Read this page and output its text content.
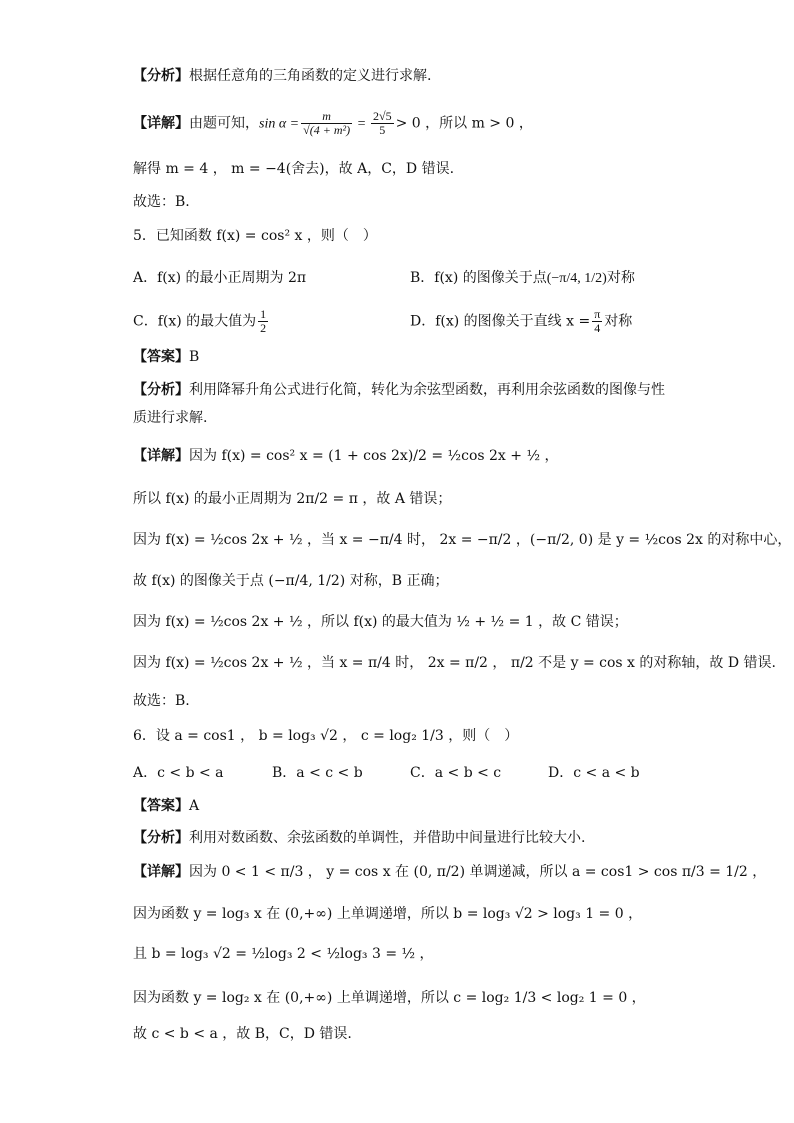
【分析】根据任意角的三角函数的定义进行求解.
【详解】由题可知，$\sin \alpha = \frac{m}{\text{√(4 + m²)}} = \frac{2√5}{5} > 0$ ，所以 m > 0 ，
解得 m = 4 ， m = −4(舍去)，故 A，C，D 错误.
故选：B.
5．已知函数 f(x) = cos² x ，则（　）
A．f(x) 的最小正周期为 2π	B．f(x) 的图像关于点(−π/4, 1/2)对称
C．f(x) 的最大值为 $\frac{1}{2}$	D．f(x) 的图像关于直线 $x = \frac{\pi}{4}$ 对称
【答案】B
【分析】利用降幂升角公式进行化简，转化为余弦型函数，再利用余弦函数的图像与性
质进行求解.
【详解】因为 f(x) = cos² x = (1 + cos 2x)/2 = ½cos 2x + ½ ，
所以 f(x) 的最小正周期为 2π/2 = π ，故 A 错误；
因为 f(x) = ½cos 2x + ½ ，当 x = −π/4 时， 2x = −π/2 ，(−π/2, 0) 是 y = ½cos 2x 的对称中心，
故 f(x) 的图像关于点 (−π/4, 1/2) 对称，B 正确；
因为 f(x) = ½cos 2x + ½ ，所以 f(x) 的最大值为 ½ + ½ = 1 ，故 C 错误；
因为 f(x) = ½cos 2x + ½ ，当 x = π/4 时， 2x = π/2 ， π/2 不是 y = cos x 的对称轴，故 D 错误.
故选：B.
6．设 a = cos1 ， b = log₃ √2 ， c = log₂ 1/3 ，则（　）
A．c < b < a	B．a < c < b	C．a < b < c	D．c < a < b
【答案】A
【分析】利用对数函数、余弦函数的单调性，并借助中间量进行比较大小.
【详解】因为 0 < 1 < π/3 ， y = cos x 在 (0, π/2) 单调递减，所以 a = cos1 > cos π/3 = 1/2 ，
因为函数 y = log₃ x 在 (0,+∞) 上单调递增，所以 b = log₃ √2 > log₃ 1 = 0 ，
且 b = log₃ √2 = ½log₃ 2 < ½log₃ 3 = ½ ，
因为函数 y = log₂ x 在 (0,+∞) 上单调递增，所以 c = log₂ 1/3 < log₂ 1 = 0 ，
故 c < b < a ，故 B，C，D 错误.
